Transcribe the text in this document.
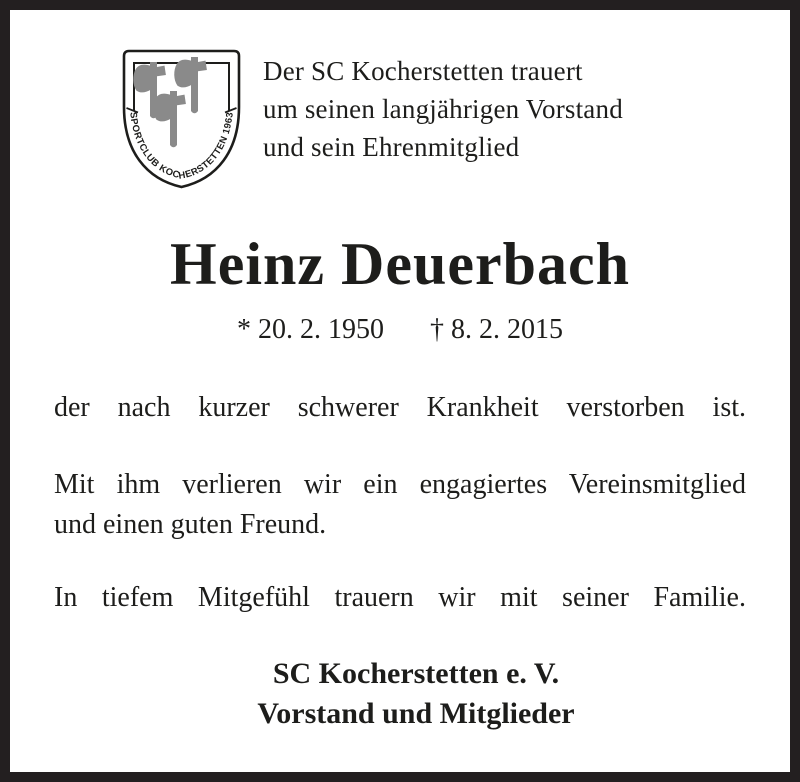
SPORTCLUB KOCHERSTETTEN 1963
Der SC Kocherstetten trauert
um seinen langjährigen Vorstand
und sein Ehrenmitglied
Heinz Deuerbach
* 20. 2. 1950 † 8. 2. 2015

der nach kurzer schwerer Krankheit verstorben ist.

Mit ihm verlieren wir ein engagiertes Vereinsmitglied
und einen guten Freund.

In tiefem Mitgefühl trauern wir mit seiner Familie.

SC Kocherstetten e. V.
Vorstand und Mitglieder
